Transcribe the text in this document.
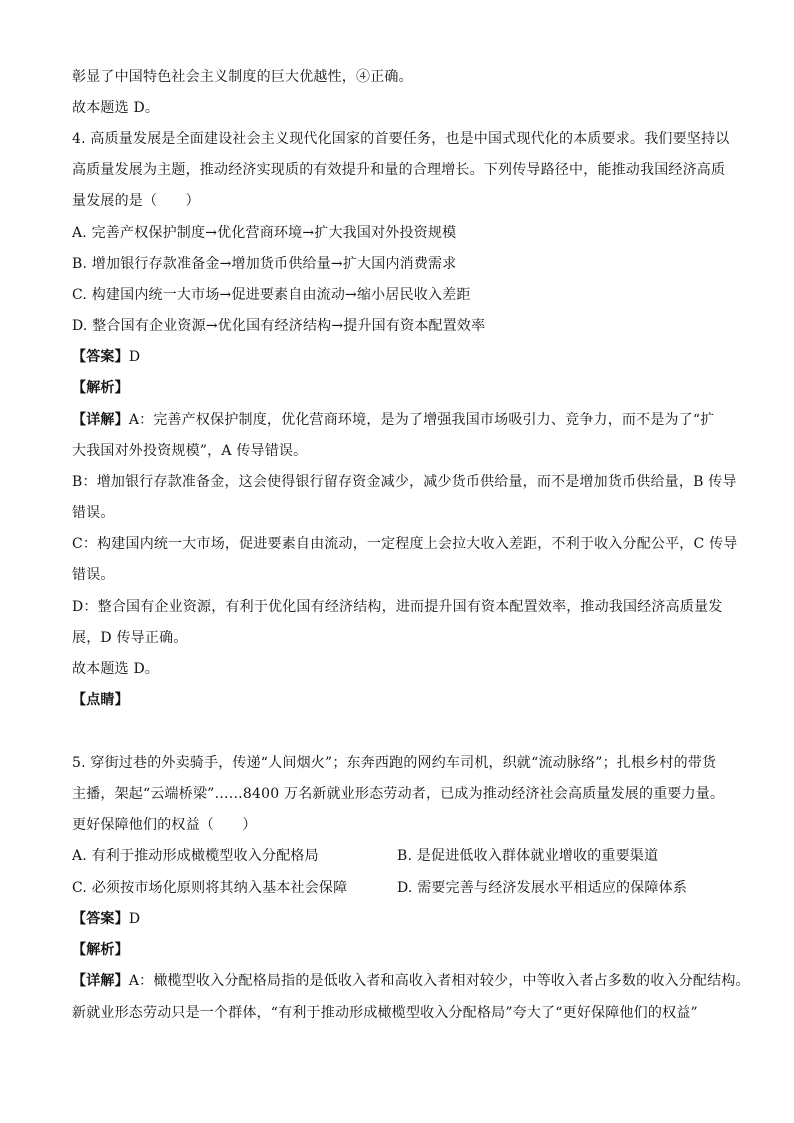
彰显了中国特色社会主义制度的巨大优越性，④正确。
故本题选 D。
4. 高质量发展是全面建设社会主义现代化国家的首要任务，也是中国式现代化的本质要求。我们要坚持以
高质量发展为主题，推动经济实现质的有效提升和量的合理增长。下列传导路径中，能推动我国经济高质
量发展的是（　　）
A. 完善产权保护制度→优化营商环境→扩大我国对外投资规模
B. 增加银行存款准备金→增加货币供给量→扩大国内消费需求
C. 构建国内统一大市场→促进要素自由流动→缩小居民收入差距
D. 整合国有企业资源→优化国有经济结构→提升国有资本配置效率
【答案】D
【解析】
【详解】A：完善产权保护制度，优化营商环境，是为了增强我国市场吸引力、竞争力，而不是为了“扩
大我国对外投资规模”，A 传导错误。
B：增加银行存款准备金，这会使得银行留存资金减少，减少货币供给量，而不是增加货币供给量，B 传导
错误。
C：构建国内统一大市场，促进要素自由流动，一定程度上会拉大收入差距，不利于收入分配公平，C 传导
错误。
D：整合国有企业资源，有利于优化国有经济结构，进而提升国有资本配置效率，推动我国经济高质量发
展，D 传导正确。
故本题选 D。
【点睛】
5. 穿街过巷的外卖骑手，传递“人间烟火”；东奔西跑的网约车司机，织就“流动脉络”；扎根乡村的带货
主播，架起“云端桥梁”……8400 万名新就业形态劳动者，已成为推动经济社会高质量发展的重要力量。
更好保障他们的权益（　　）
A. 有利于推动形成橄榄型收入分配格局	B. 是促进低收入群体就业增收的重要渠道
C. 必须按市场化原则将其纳入基本社会保障	D. 需要完善与经济发展水平相适应的保障体系
【答案】D
【解析】
【详解】A：橄榄型收入分配格局指的是低收入者和高收入者相对较少，中等收入者占多数的收入分配结构。
新就业形态劳动只是一个群体，“有利于推动形成橄榄型收入分配格局”夸大了“更好保障他们的权益”
